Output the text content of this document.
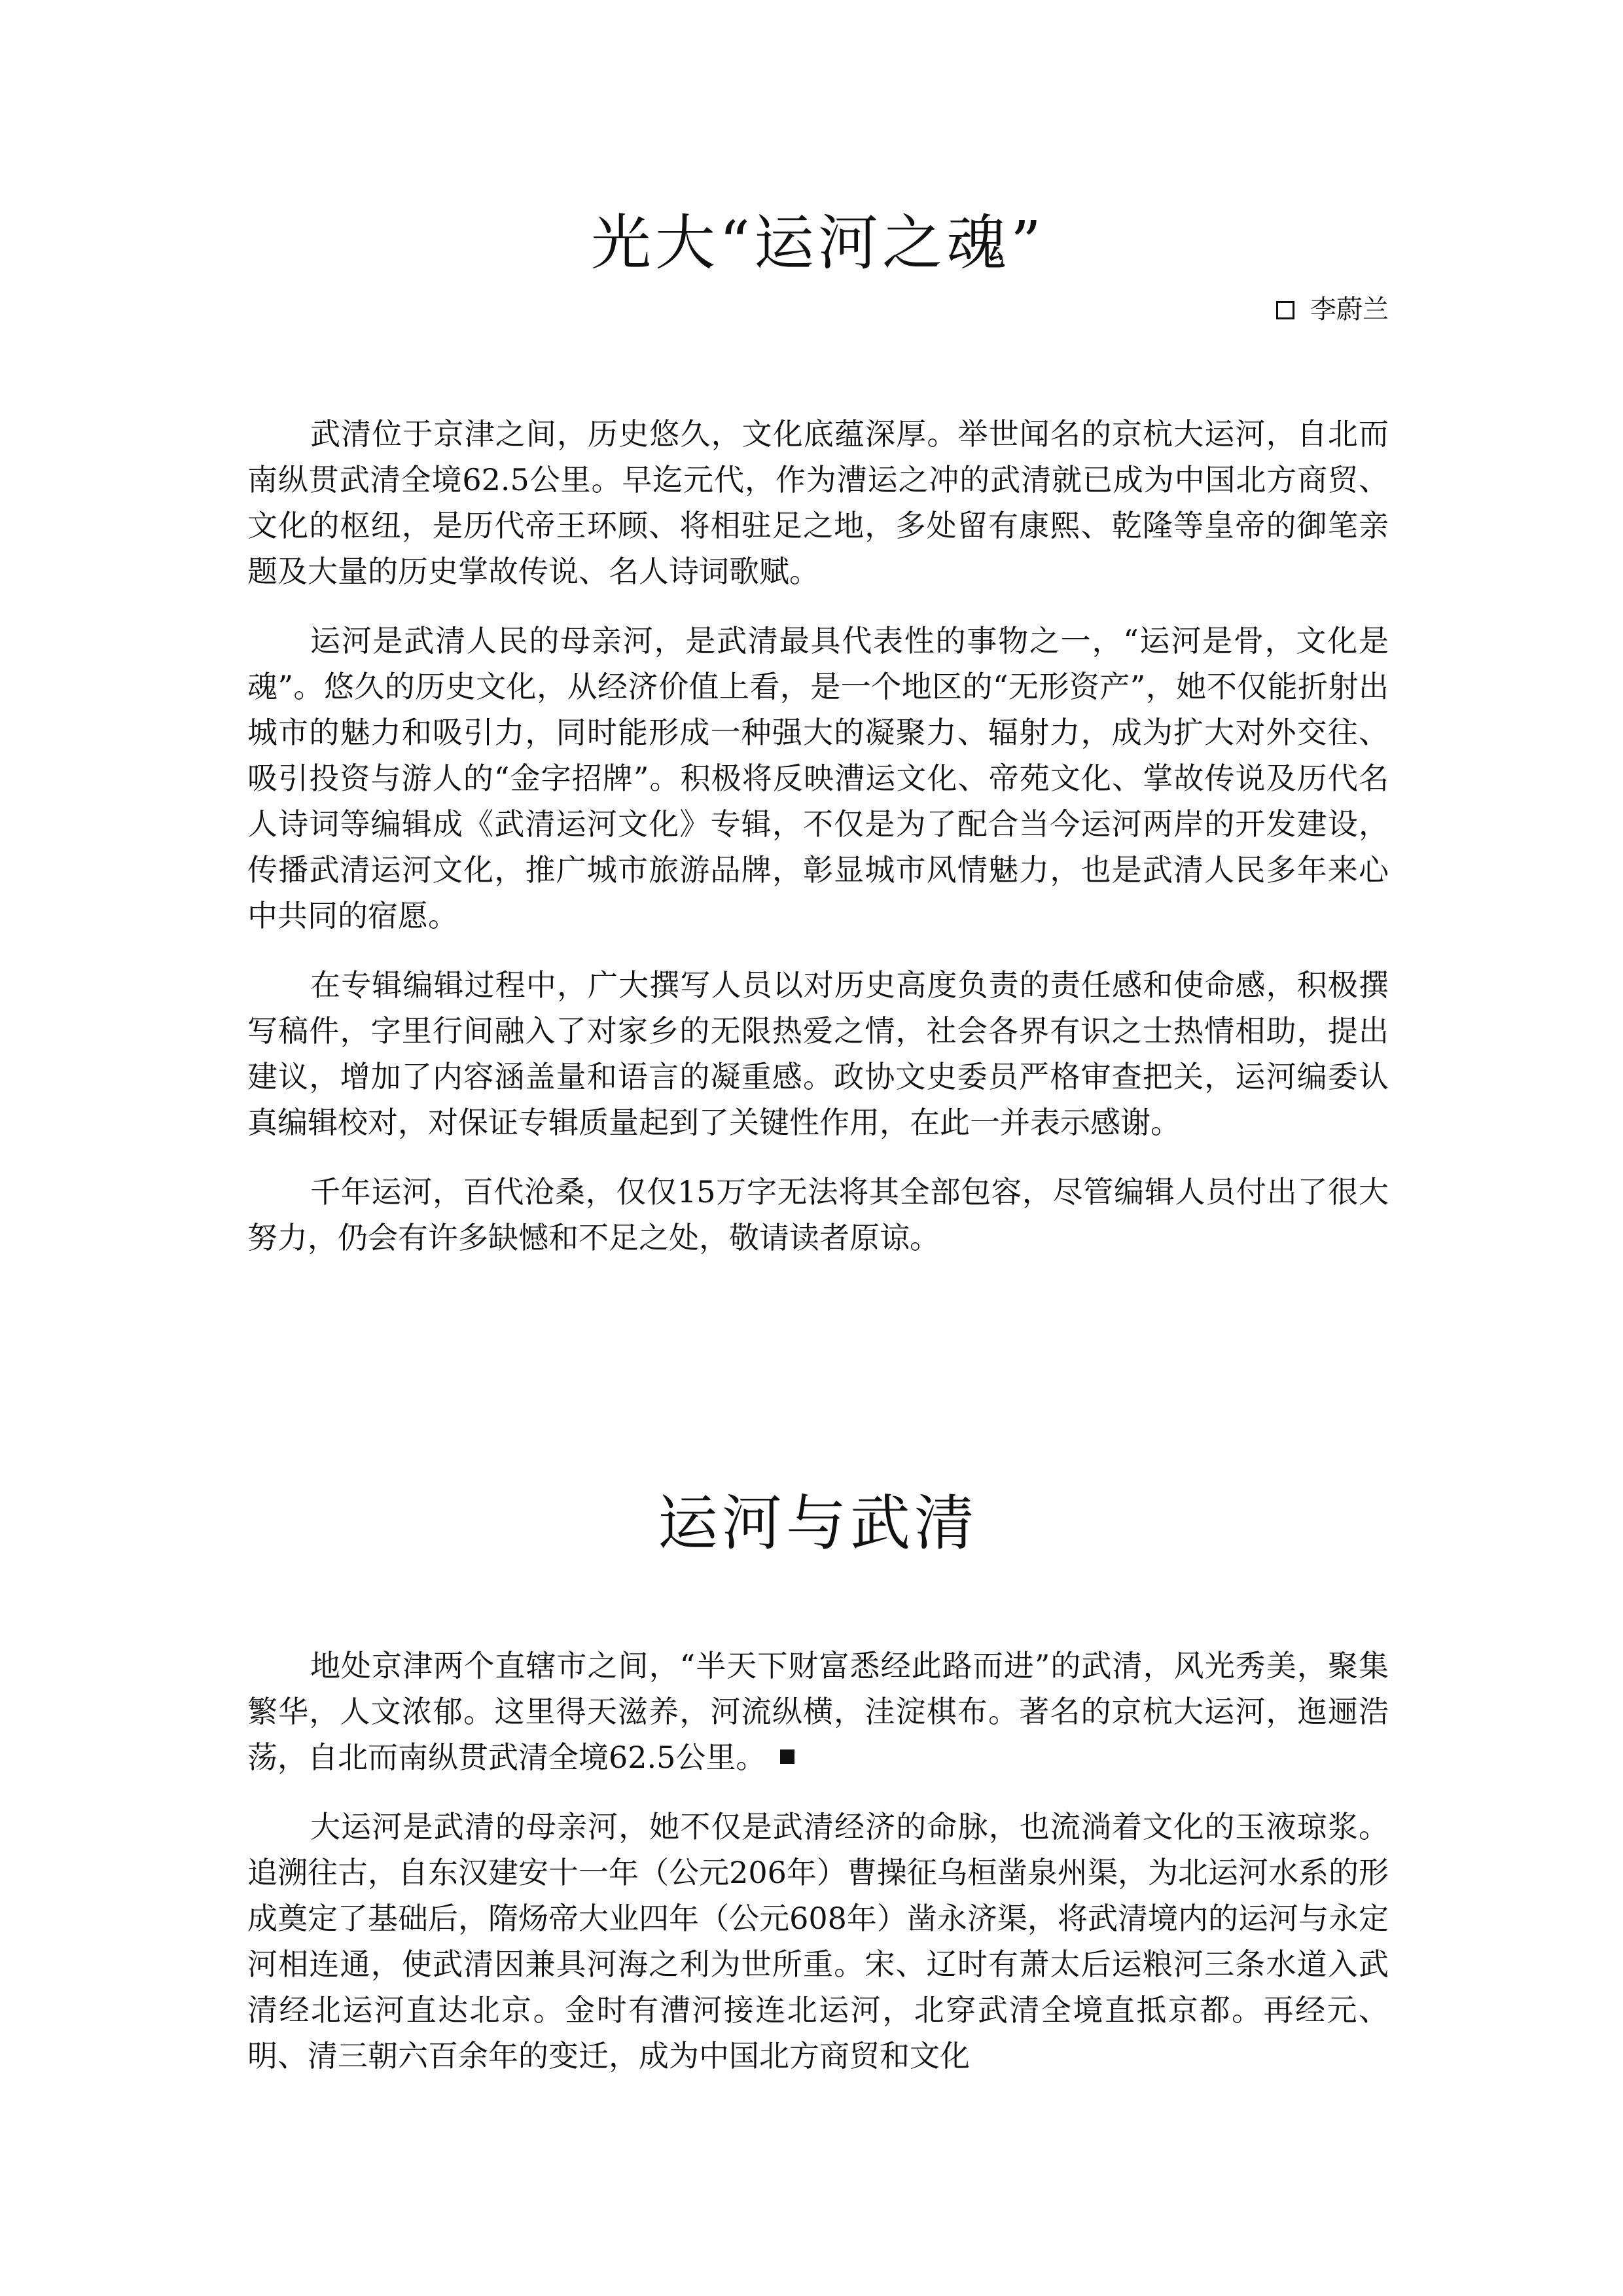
光大“运河之魂”
李蔚兰

武清位于京津之间，历史悠久，文化底蕴深厚。举世闻名的京杭大运河，自北而南纵贯武清全境62.5公里。早迄元代，作为漕运之冲的武清就已成为中国北方商贸、文化的枢纽，是历代帝王环顾、将相驻足之地，多处留有康熙、乾隆等皇帝的御笔亲题及大量的历史掌故传说、名人诗词歌赋。

运河是武清人民的母亲河，是武清最具代表性的事物之一，“运河是骨，文化是魂”。悠久的历史文化，从经济价值上看，是一个地区的“无形资产”，她不仅能折射出城市的魅力和吸引力，同时能形成一种强大的凝聚力、辐射力，成为扩大对外交往、吸引投资与游人的“金字招牌”。积极将反映漕运文化、帝苑文化、掌故传说及历代名人诗词等编辑成《武清运河文化》专辑，不仅是为了配合当今运河两岸的开发建设，传播武清运河文化，推广城市旅游品牌，彰显城市风情魅力，也是武清人民多年来心中共同的宿愿。

在专辑编辑过程中，广大撰写人员以对历史高度负责的责任感和使命感，积极撰写稿件，字里行间融入了对家乡的无限热爱之情，社会各界有识之士热情相助，提出建议，增加了内容涵盖量和语言的凝重感。政协文史委员严格审查把关，运河编委认真编辑校对，对保证专辑质量起到了关键性作用，在此一并表示感谢。

千年运河，百代沧桑，仅仅15万字无法将其全部包容，尽管编辑人员付出了很大努力，仍会有许多缺憾和不足之处，敬请读者原谅。

运河与武清

地处京津两个直辖市之间，“半天下财富悉经此路而进”的武清，风光秀美，聚集繁华，人文浓郁。这里得天滋养，河流纵横，洼淀棋布。著名的京杭大运河，迤逦浩荡，自北而南纵贯武清全境62.5公里。

大运河是武清的母亲河，她不仅是武清经济的命脉，也流淌着文化的玉液琼浆。追溯往古，自东汉建安十一年（公元206年）曹操征乌桓凿泉州渠，为北运河水系的形成奠定了基础后，隋炀帝大业四年（公元608年）凿永济渠，将武清境内的运河与永定河相连通，使武清因兼具河海之利为世所重。宋、辽时有萧太后运粮河三条水道入武清经北运河直达北京。金时有漕河接连北运河，北穿武清全境直抵京都。再经元、明、清三朝六百余年的变迁，成为中国北方商贸和文化
